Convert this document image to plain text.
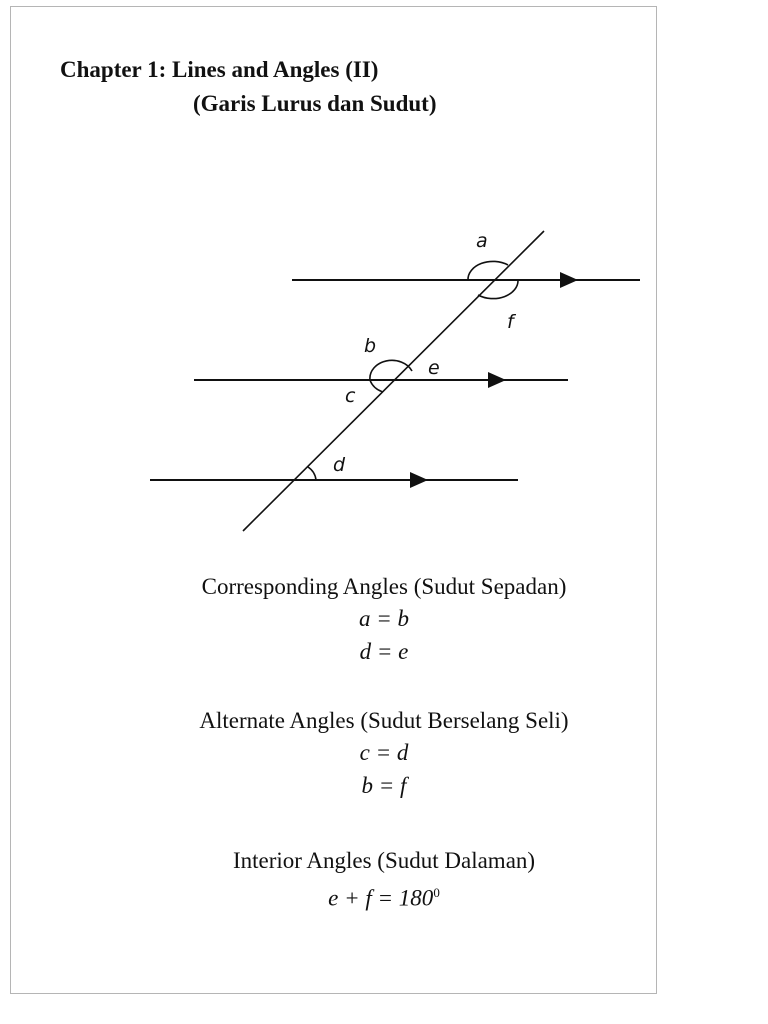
Chapter 1: Lines and Angles (II)
(Garis Lurus dan Sudut)
a
f
b
e
c
d
Corresponding Angles (Sudut Sepadan)
a = b
d = e
Alternate Angles (Sudut Berselang Seli)
c = d
b = f
Interior Angles (Sudut Dalaman)
$e + f = 180^0$
